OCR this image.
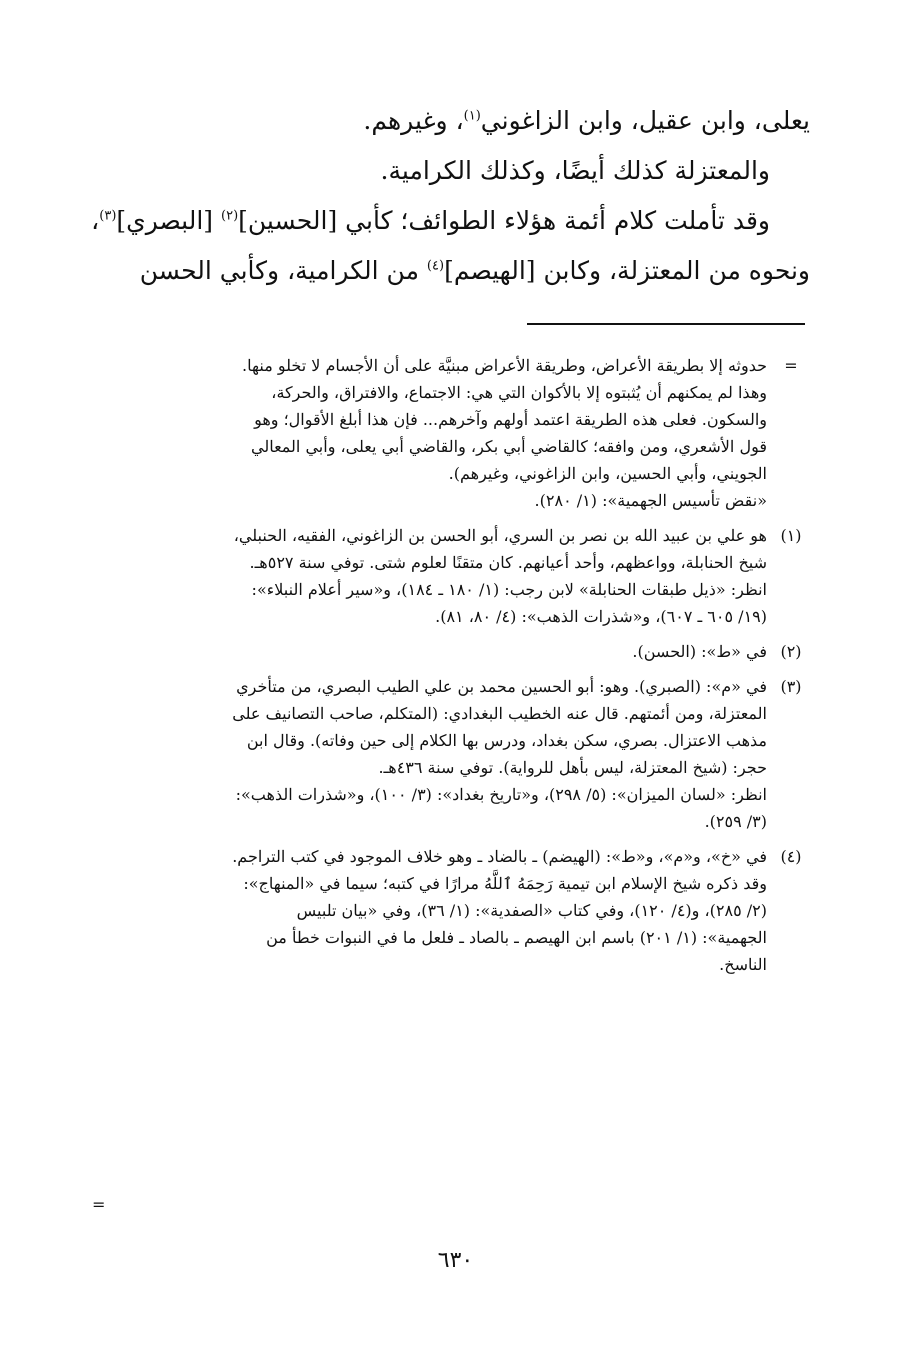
يعلى، وابن عقيل، وابن الزاغوني$^{(١)}$، وغيرهم.

والمعتزلة كذلك أيضًا، وكذلك الكرامية.

وقد تأملت كلام أئمة هؤلاء الطوائف؛ كأبي [الحسين]$^{(٢)}$ [البصري]$^{(٣)}$،

ونحوه من المعتزلة، وكابن [الهيصم]$^{(٤)}$ من الكرامية، وكأبي الحسن

=
حدوثه إلا بطريقة الأعراض، وطريقة الأعراض مبنيَّة على أن الأجسام لا تخلو منها.
وهذا لم يمكنهم أن يُثبتوه إلا بالأكوان التي هي: الاجتماع، والافتراق، والحركة،
والسكون. فعلى هذه الطريقة اعتمد أولهم وآخرهم... فإن هذا أبلغ الأقوال؛ وهو
قول الأشعري، ومن وافقه؛ كالقاضي أبي بكر، والقاضي أبي يعلى، وأبي المعالي
الجويني، وأبي الحسين، وابن الزاغوني، وغيرهم).
«نقض تأسيس الجهمية»: (١/ ٢٨٠).
(١)
هو علي بن عبيد الله بن نصر بن السري، أبو الحسن بن الزاغوني، الفقيه، الحنبلي،
شيخ الحنابلة، وواعظهم، وأحد أعيانهم. كان متقنًا لعلوم شتى. توفي سنة ٥٢٧هـ.
انظر: «ذيل طبقات الحنابلة» لابن رجب: (١/ ١٨٠ ـ ١٨٤)، و«سير أعلام النبلاء»:
(١٩/ ٦٠٥ ـ ٦٠٧)، و«شذرات الذهب»: (٤/ ٨٠، ٨١).
(٢)
في «ط»: (الحسن).
(٣)
في «م»: (الصبري). وهو: أبو الحسين محمد بن علي الطيب البصري، من متأخري
المعتزلة، ومن أئمتهم. قال عنه الخطيب البغدادي: (المتكلم، صاحب التصانيف على
مذهب الاعتزال. بصري، سكن بغداد، ودرس بها الكلام إلى حين وفاته). وقال ابن
حجر: (شيخ المعتزلة، ليس بأهل للرواية). توفي سنة ٤٣٦هـ.
انظر: «لسان الميزان»: (٥/ ٢٩٨)، و«تاريخ بغداد»: (٣/ ١٠٠)، و«شذرات الذهب»:
(٣/ ٢٥٩).
(٤)
في «خ»، و«م»، و«ط»: (الهيضم) ـ بالضاد ـ وهو خلاف الموجود في كتب التراجم.
وقد ذكره شيخ الإسلام ابن تيمية رَحِمَهُ ٱللَّهُ مرارًا في كتبه؛ سيما في «المنهاج»:
(٢/ ٢٨٥)، و(٤/ ١٢٠)، وفي كتاب «الصفدية»: (١/ ٣٦)، وفي «بيان تلبيس
الجهمية»: (١/ ٢٠١) باسم ابن الهيصم ـ بالصاد ـ فلعل ما في النبوات خطأ من
الناسخ.
=
٦٣٠
